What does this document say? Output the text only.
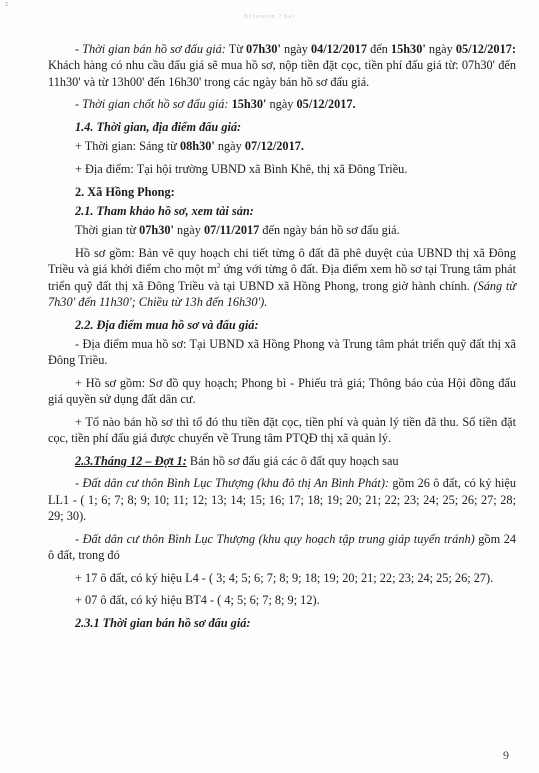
2
Bcforcom 7'hot

- Thời gian bán hồ sơ đấu giá: Từ 07h30' ngày 04/12/2017 đến 15h30' ngày 05/12/2017: Khách hàng có nhu cầu đấu giá sẽ mua hồ sơ, nộp tiền đặt cọc, tiền phí đấu giá từ: 07h30' đến 11h30' và từ 13h00' đến 16h30' trong các ngày bán hồ sơ đấu giá.

- Thời gian chốt hồ sơ đấu giá: 15h30' ngày 05/12/2017.

1.4. Thời gian, địa điểm đấu giá:

+ Thời gian: Sáng từ 08h30' ngày 07/12/2017.

+ Địa điểm: Tại hội trường UBND xã Bình Khê, thị xã Đông Triều.

2. Xã Hồng Phong:

2.1. Tham khảo hồ sơ, xem tài sản:

Thời gian từ 07h30' ngày 07/11/2017 đến ngày bán hồ sơ đấu giá.

Hồ sơ gồm: Bản vẽ quy hoạch chi tiết từng ô đất đã phê duyệt của UBND thị xã Đông Triều và giá khởi điểm cho một $m^2$ ứng với từng ô đất. Địa điểm xem hồ sơ tại Trung tâm phát triển quỹ đất thị xã Đông Triều và tại UBND xã Hồng Phong, trong giờ hành chính. (Sáng từ 7h30' đến 11h30'; Chiều từ 13h đến 16h30').

2.2. Địa điểm mua hồ sơ và đấu giá:

- Địa điểm mua hồ sơ: Tại UBND xã Hồng Phong và Trung tâm phát triển quỹ đất thị xã Đông Triều.

+ Hồ sơ gồm: Sơ đồ quy hoạch; Phong bì - Phiếu trả giá; Thông báo của Hội đồng đấu giá quyền sử dụng đất dân cư.

+ Tổ nào bán hồ sơ thì tổ đó thu tiền đặt cọc, tiền phí và quản lý tiền đã thu. Số tiền đặt cọc, tiền phí đấu giá được chuyển về Trung tâm PTQĐ thị xã quản lý.

2.3.Tháng 12 – Đợt 1: Bán hồ sơ đấu giá các ô đất quy hoạch sau

- Đất dân cư thôn Bình Lục Thượng (khu đô thị An Bình Phát): gồm 26 ô đất, có ký hiệu LL1 - ( 1; 6; 7; 8; 9; 10; 11; 12; 13; 14; 15; 16; 17; 18; 19; 20; 21; 22; 23; 24; 25; 26; 27; 28; 29; 30).

- Đất dân cư thôn Bình Lục Thượng (khu quy hoạch tập trung giáp tuyến tránh) gồm 24 ô đất, trong đó

+ 17 ô đất, có ký hiệu L4 - ( 3; 4; 5; 6; 7; 8; 9; 18; 19; 20; 21; 22; 23; 24; 25; 26; 27).

+ 07 ô đất, có ký hiệu BT4 - ( 4; 5; 6; 7; 8; 9; 12).

2.3.1 Thời gian bán hồ sơ đấu giá:

9
